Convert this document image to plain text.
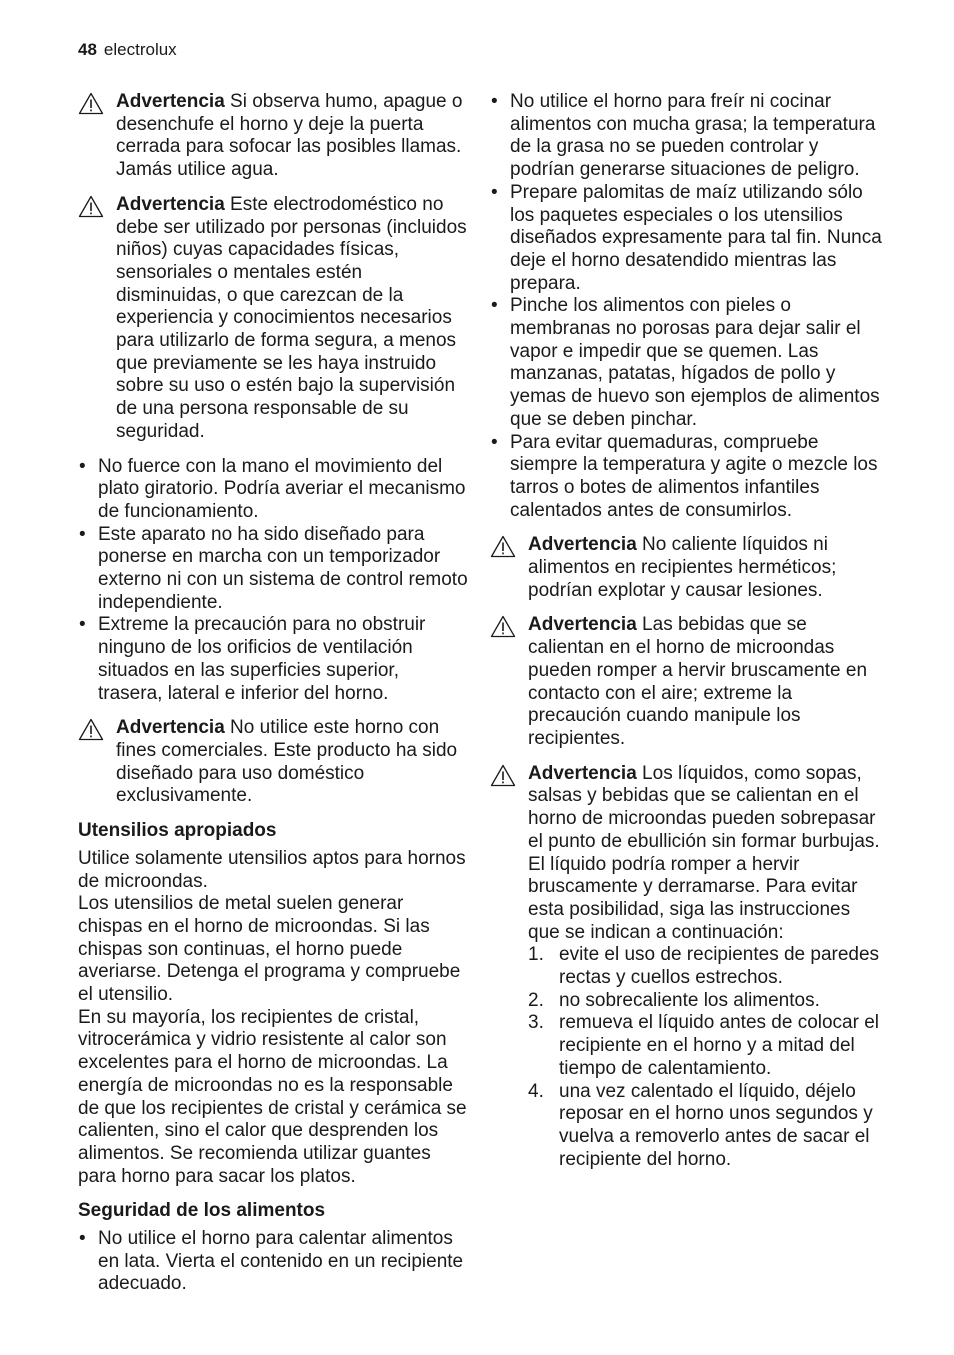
48 electrolux
Advertencia Si observa humo, apague o desenchufe el horno y deje la puerta cerrada para sofocar las posibles llamas. Jamás utilice agua.
Advertencia Este electrodoméstico no debe ser utilizado por personas (incluidos niños) cuyas capacidades físicas, sensoriales o mentales estén disminuidas, o que carezcan de la experiencia y conocimientos necesarios para utilizarlo de forma segura, a menos que previamente se les haya instruido sobre su uso o estén bajo la supervisión de una persona responsable de su seguridad.
• No fuerce con la mano el movimiento del plato giratorio. Podría averiar el mecanismo de funcionamiento.
• Este aparato no ha sido diseñado para ponerse en marcha con un temporizador externo ni con un sistema de control remoto independiente.
• Extreme la precaución para no obstruir ninguno de los orificios de ventilación situados en las superficies superior, trasera, lateral e inferior del horno.
Advertencia No utilice este horno con fines comerciales. Este producto ha sido diseñado para uso doméstico exclusivamente.
Utensilios apropiados

Utilice solamente utensilios aptos para hornos de microondas.

Los utensilios de metal suelen generar chispas en el horno de microondas. Si las chispas son continuas, el horno puede averiarse. Detenga el programa y compruebe el utensilio.

En su mayoría, los recipientes de cristal, vitrocerámica y vidrio resistente al calor son excelentes para el horno de microondas. La energía de microondas no es la responsable de que los recipientes de cristal y cerámica se calienten, sino el calor que desprenden los alimentos. Se recomienda utilizar guantes para horno para sacar los platos.

Seguridad de los alimentos
• No utilice el horno para calentar alimentos en lata. Vierta el contenido en un recipiente adecuado.
• No utilice el horno para freír ni cocinar alimentos con mucha grasa; la temperatura de la grasa no se pueden controlar y podrían generarse situaciones de peligro.
• Prepare palomitas de maíz utilizando sólo los paquetes especiales o los utensilios diseñados expresamente para tal fin. Nunca deje el horno desatendido mientras las prepara.
• Pinche los alimentos con pieles o membranas no porosas para dejar salir el vapor e impedir que se quemen. Las manzanas, patatas, hígados de pollo y yemas de huevo son ejemplos de alimentos que se deben pinchar.
• Para evitar quemaduras, compruebe siempre la temperatura y agite o mezcle los tarros o botes de alimentos infantiles calentados antes de consumirlos.
Advertencia No caliente líquidos ni alimentos en recipientes herméticos; podrían explotar y causar lesiones.
Advertencia Las bebidas que se calientan en el horno de microondas pueden romper a hervir bruscamente en contacto con el aire; extreme la precaución cuando manipule los recipientes.
Advertencia Los líquidos, como sopas, salsas y bebidas que se calientan en el horno de microondas pueden sobrepasar el punto de ebullición sin formar burbujas. El líquido podría romper a hervir bruscamente y derramarse. Para evitar esta posibilidad, siga las instrucciones que se indican a continuación:
1. evite el uso de recipientes de paredes rectas y cuellos estrechos.
2. no sobrecaliente los alimentos.
3. remueva el líquido antes de colocar el recipiente en el horno y a mitad del tiempo de calentamiento.
4. una vez calentado el líquido, déjelo reposar en el horno unos segundos y vuelva a removerlo antes de sacar el recipiente del horno.
